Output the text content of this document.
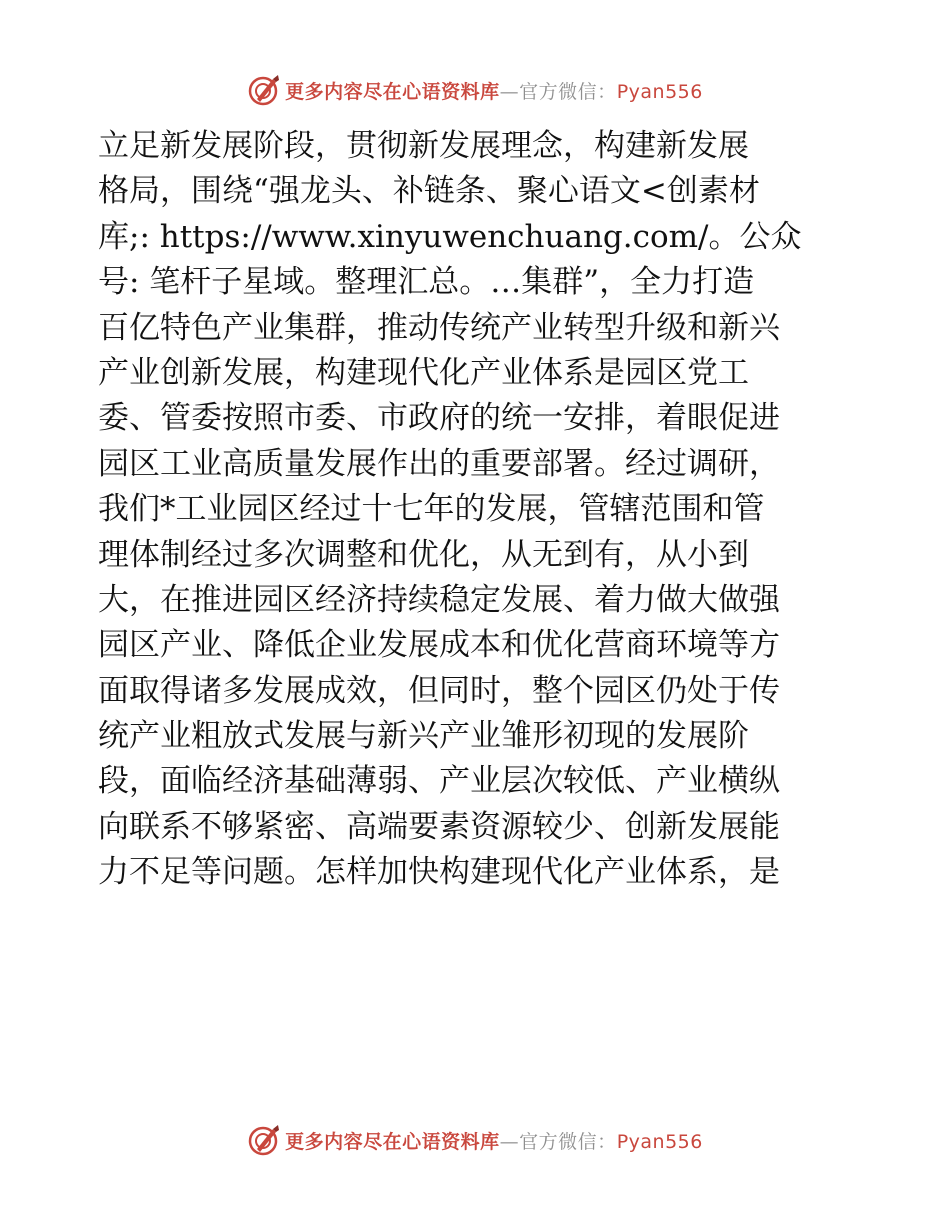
更多内容尽在心语资料库—官方微信：Pyan556
立足新发展阶段，贯彻新发展理念，构建新发展
格局，围绕“强龙头、补链条、聚心语文<创素材
库;: https://www.xinyuwenchuang.com/。公众
号: 笔杆子星域。整理汇总。…集群”，全力打造
百亿特色产业集群，推动传统产业转型升级和新兴
产业创新发展，构建现代化产业体系是园区党工
委、管委按照市委、市政府的统一安排，着眼促进
园区工业高质量发展作出的重要部署。经过调研，
我们*工业园区经过十七年的发展，管辖范围和管
理体制经过多次调整和优化，从无到有，从小到
大，在推进园区经济持续稳定发展、着力做大做强
园区产业、降低企业发展成本和优化营商环境等方
面取得诸多发展成效，但同时，整个园区仍处于传
统产业粗放式发展与新兴产业雏形初现的发展阶
段，面临经济基础薄弱、产业层次较低、产业横纵
向联系不够紧密、高端要素资源较少、创新发展能
力不足等问题。怎样加快构建现代化产业体系，是
更多内容尽在心语资料库—官方微信：Pyan556
